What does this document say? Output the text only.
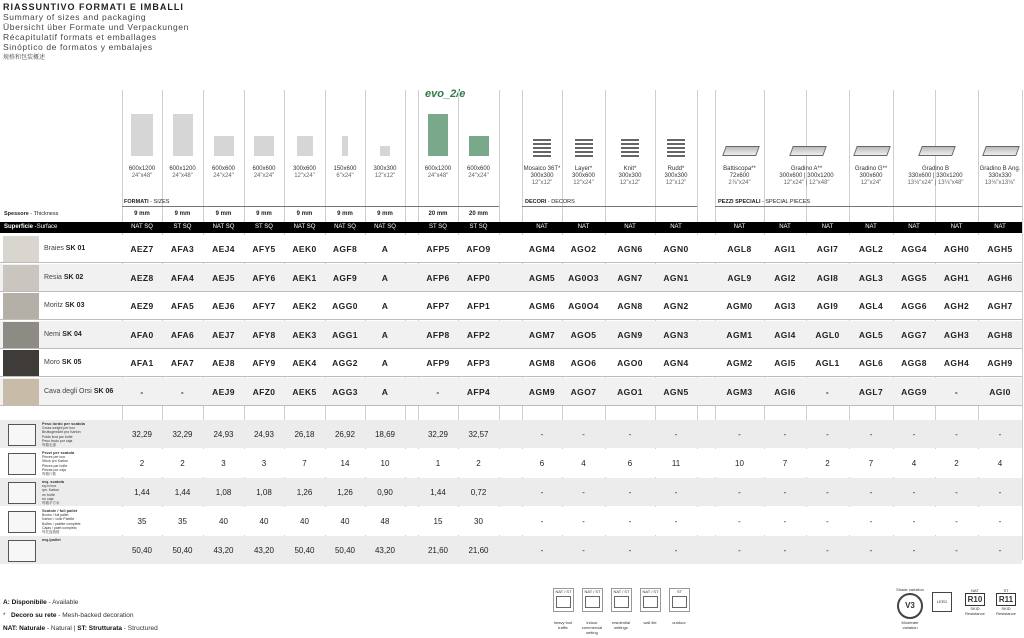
RIASSUNTIVO FORMATI E IMBALLI
Summary of sizes and packaging
Übersicht über Formate und Verpackungen
Récapitulatif formats et emballages
Sinóptico de formatos y embalajes
规格和包装概述
evo_2/e
600x1200
24"x48"
600x1200
24"x48"
600x600
24"x24"
600x600
24"x24"
300x600
12"x24"
150x600
6"x24"
300x300
12"x12"
600x1200
24"x48"
600x600
24"x24"
Mosaico 36T*
300x300
12"x12"
Layer*
300x600
12"x24"
Knit*
300x300
12"x12"
Rudd*
300x300
12"x12"
Battiscopa**
72x600
2⅞"x24"
Gradino A**
300x600 | 300x1200
12"x24" | 12"x48"
Gradino G**
300x600
12"x24"
Gradino B
330x600 | 330x1200
13⅛"x24" | 13⅛"x48"
Gradino B Ang.
330x330
13⅛"x13⅛"
FORMATI - SIZES	DECORI - DECORS	PEZZI SPECIALI - SPECIAL PIECES
Spessore - Thickness	9 mm	9 mm	9 mm	9 mm	9 mm	9 mm	9 mm	20 mm	20 mm
Superficie - Surface	NAT SQ	ST SQ	NAT SQ	ST SQ	NAT SQ	NAT SQ	NAT SQ	ST SQ	ST SQ	NAT	NAT	NAT	NAT	NAT	NAT	NAT	NAT	NAT	NAT	NAT
Braies SK 01	AEZ7	AFA3	AEJ4	AFY5	AEK0	AGF8	A	AFP5	AFO9	AGM4	AGO2	AGN6	AGN0	AGL8	AGI1	AGI7	AGL2	AGG4	AGH0	AGH5
Resia SK 02	AEZ8	AFA4	AEJ5	AFY6	AEK1	AGF9	A	AFP6	AFP0	AGM5	AG0O3	AGN7	AGN1	AGL9	AGI2	AGI8	AGL3	AGG5	AGH1	AGH6
Moritz SK 03	AEZ9	AFA5	AEJ6	AFY7	AEK2	AGG0	A	AFP7	AFP1	AGM6	AG0O4	AGN8	AGN2	AGM0	AGI3	AGI9	AGL4	AGG6	AGH2	AGH7
Nemi SK 04	AFA0	AFA6	AEJ7	AFY8	AEK3	AGG1	A	AFP8	AFP2	AGM7	AGO5	AGN9	AGN3	AGM1	AGI4	AGL0	AGL5	AGG7	AGH3	AGH8
Moro SK 05	AFA1	AFA7	AEJ8	AFY9	AEK4	AGG2	A	AFP9	AFP3	AGM8	AGO6	AGO0	AGN4	AGM2	AGI5	AGL1	AGL6	AGG8	AGH4	AGH9
Cava degli Orsi SK 06	-	-	AEJ9	AFZ0	AEK5	AGG3	A	-	AFP4	AGM9	AGO7	AGO1	AGN5	AGM3	AGI6	-	AGL7	AGG9	-	AGI0
Peso lordo per scatola
Gross weight per box
Bruttogewicht pro Karton
Poids brut par boîte
Peso bruto por caja
每箱毛重
32,29	32,29	24,93	24,93	26,18	26,92	18,69	32,29	32,57	-	-	-	-	-	-	-	-	-	-	-
Pezzi per scatola
Pieces per box
Stück pro Karton
Pièces par boîte
Piezas por caja
每箱片数
2	2	3	3	7	14	10	1	2	6	4	6	11	10	7	2	7	4	2	4
mq. scatola
sq.m box
qm. Karton
m² boîte
m² caja
每箱平方米
1,44	1,44	1,08	1,08	1,26	1,26	0,90	1,44	0,72	-	-	-	-	-	-	-	-	-	-	-
Scatole / full pallet
Boxes / full pallet
Karton / volle Palette
Boîtes / palette complète
Cajas / palet completo
每托盘箱数
35	35	40	40	40	40	48	15	30	-	-	-	-	-	-	-	-	-	-	-
mq./pallet
50,40	50,40	43,20	43,20	50,40	50,40	43,20	21,60	21,60	-	-	-	-	-	-	-	-	-	-	-
A: Disponibile - Available
*   Decoro su rete - Mesh-backed decoration
NAT: Naturale - Natural | ST: Strutturata - Structured
NAT / ST
heavy foot traffic
NAT / ST
indoor commercial setting
NAT / ST
residential settings
NAT / ST
wall tile
ST
outdoor
Shade variation
V3
Moderate variation
LEED
NAT
R10
SKID Resistance
ST
R11
SKID Resistance
